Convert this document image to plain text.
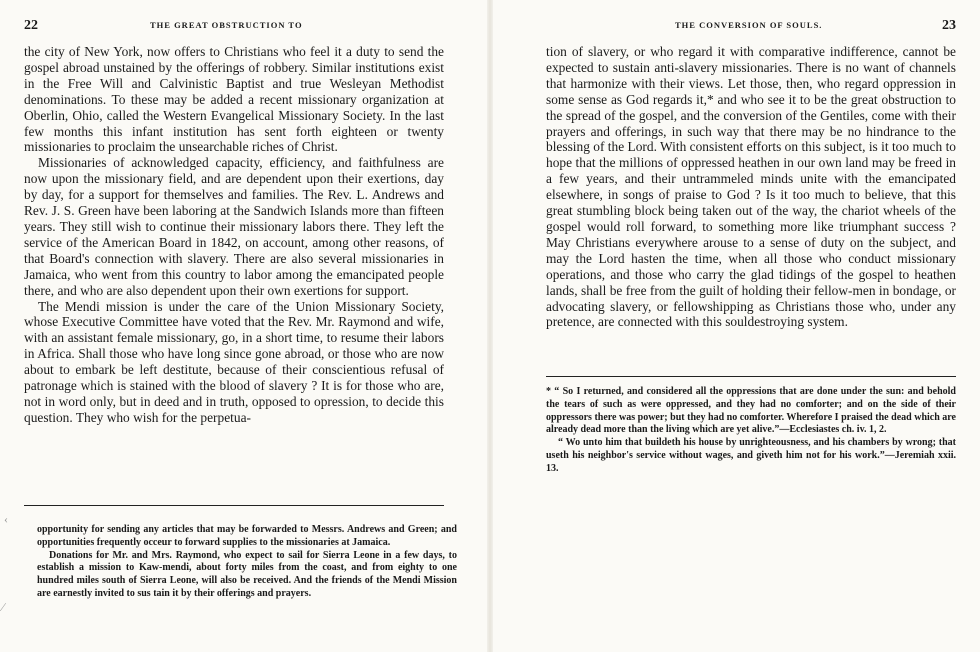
22	THE GREAT OBSTRUCTION TO

the city of New York, now offers to Christians who feel it a duty to send the gospel abroad unstained by the offerings of robbery. Similar institutions exist in the Free Will and Calvinistic Baptist and true Wesleyan Methodist denominations. To these may be added a recent missionary organization at Oberlin, Ohio, called the Western Evangelical Missionary Society. In the last few months this infant institution has sent forth eighteen or twenty missionaries to proclaim the unsearchable riches of Christ.

Missionaries of acknowledged capacity, efficiency, and faithfulness are now upon the missionary field, and are dependent upon their exertions, day by day, for a support for themselves and families. The Rev. L. Andrews and Rev. J. S. Green have been laboring at the Sandwich Islands more than fifteen years. They still wish to continue their missionary labors there. They left the service of the American Board in 1842, on account, among other reasons, of that Board's connection with slavery. There are also several missionaries in Jamaica, who went from this country to labor among the emancipated people there, and who are also dependent upon their own exertions for support.

The Mendi mission is under the care of the Union Missionary Society, whose Executive Committee have voted that the Rev. Mr. Raymond and wife, with an assistant female missionary, go, in a short time, to resume their labors in Africa. Shall those who have long since gone abroad, or those who are now about to embark be left destitute, because of their conscientious refusal of patronage which is stained with the blood of slavery ? It is for those who are, not in word only, but in deed and in truth, opposed to opression, to decide this question. They who wish for the perpetua-

opportunity for sending any articles that may be forwarded to Messrs. Andrews and Green; and opportunities frequently occeur to forward supplies to the missionaries at Jamaica.

Donations for Mr. and Mrs. Raymond, who expect to sail for Sierra Leone in a few days, to establish a mission to Kaw-mendi, about forty miles from the coast, and from eighty to one hundred miles south of Sierra Leone, will also be received. And the friends of the Mendi Mission are earnestly invited to sus tain it by their offerings and prayers.

‹
∕
THE CONVERSION OF SOULS.	23

tion of slavery, or who regard it with comparative indifference, cannot be expected to sustain anti-slavery missionaries. There is no want of channels that harmonize with their views. Let those, then, who regard oppression in some sense as God regards it,* and who see it to be the great obstruction to the spread of the gospel, and the conversion of the Gentiles, come with their prayers and offerings, in such way that there may be no hindrance to the blessing of the Lord. With consistent efforts on this subject, is it too much to hope that the millions of oppressed heathen in our own land may be freed in a few years, and their untrammeled minds unite with the emancipated elsewhere, in songs of praise to God ? Is it too much to believe, that this great stumbling block being taken out of the way, the chariot wheels of the gospel would roll forward, to something more like triumphant success ? May Christians everywhere arouse to a sense of duty on the subject, and may the Lord hasten the time, when all those who conduct missionary operations, and those who carry the glad tidings of the gospel to heathen lands, shall be free from the guilt of holding their fellow-men in bondage, or advocating slavery, or fellowshipping as Christians those who, under any pretence, are connected with this souldestroying system.

* “ So I returned, and considered all the oppressions that are done under the sun: and behold the tears of such as were oppressed, and they had no comforter; and on the side of their oppressors there was power; but they had no comforter. Wherefore I praised the dead which are already dead more than the living which are yet alive.”—Ecclesiastes ch. iv. 1, 2.

“ Wo unto him that buildeth his house by unrighteousness, and his chambers by wrong; that useth his neighbor's service without wages, and giveth him not for his work.”—Jeremiah xxii. 13.
